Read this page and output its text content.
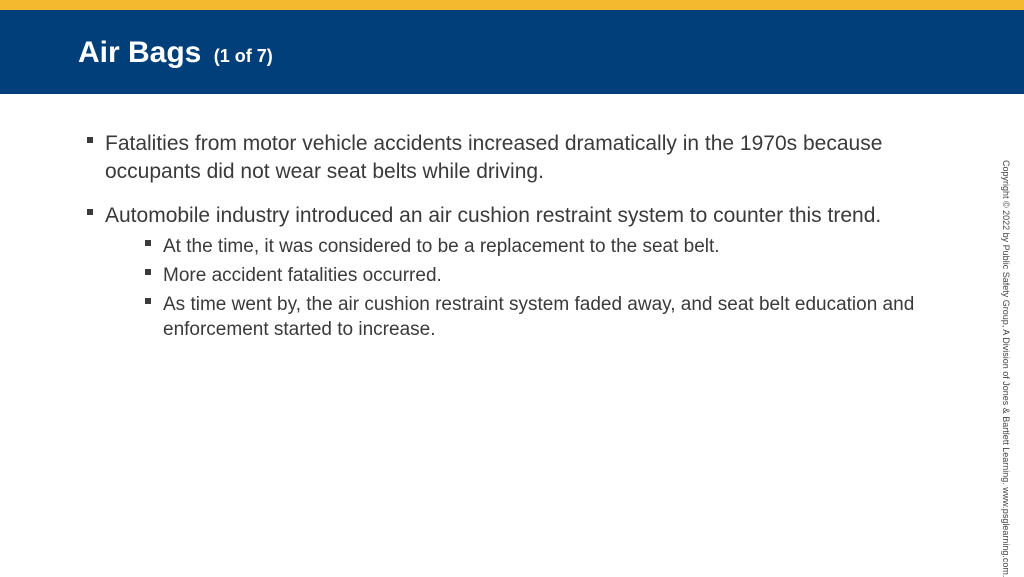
Air Bags (1 of 7)
Fatalities from motor vehicle accidents increased dramatically in the 1970s because occupants did not wear seat belts while driving.
Automobile industry introduced an air cushion restraint system to counter this trend.
At the time, it was considered to be a replacement to the seat belt.
More accident fatalities occurred.
As time went by, the air cushion restraint system faded away, and seat belt education and enforcement started to increase.	Copyright © 2022 by Public Safety Group, A Division of Jones & Bartlett Learning. www.psglearning.com.
